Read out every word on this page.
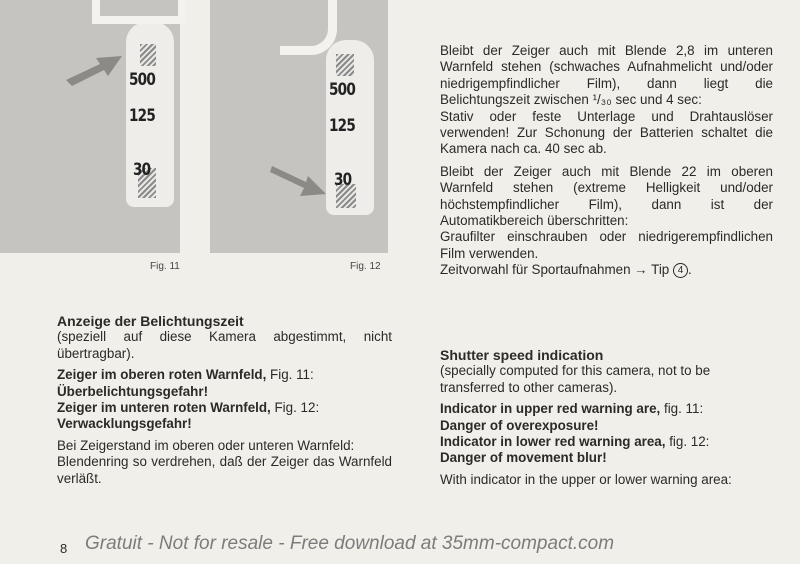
500
125
30
500
125
30
Fig. 11	Fig. 12

Anzeige der Belichtungszeit

(speziell auf diese Kamera abgestimmt, nicht übertragbar).

Zeiger im oberen roten Warnfeld, Fig. 11:

Überbelichtungsgefahr!

Zeiger im unteren roten Warnfeld, Fig. 12:

Verwacklungsgefahr!

Bei Zeigerstand im oberen oder unteren Warnfeld:

Blendenring so verdrehen, daß der Zeiger das Warnfeld verläßt.

Bleibt der Zeiger auch mit Blende 2,8 im unteren Warnfeld stehen (schwaches Aufnahmelicht und/oder niedrigempfindlicher Film), dann liegt die Belichtungszeit zwischen ¹/₃₀ sec und 4 sec:

Stativ oder feste Unterlage und Drahtauslöser verwenden! Zur Schonung der Batterien schaltet die Kamera nach ca. 40 sec ab.

Bleibt der Zeiger auch mit Blende 22 im oberen Warnfeld stehen (extreme Helligkeit und/oder höchstempfindlicher Film), dann ist der Automatikbereich überschritten:

Graufilter einschrauben oder niedrigerempfindlichen Film verwenden.

Zeitvorwahl für Sportaufnahmen → Tip 4 .

Shutter speed indication

(specially computed for this camera, not to be transferred to other cameras).

Indicator in upper red warning are, fig. 11:

Danger of overexposure!

Indicator in lower red warning area, fig. 12:

Danger of movement blur!

With indicator in the upper or lower warning area:

8 Gratuit - Not for resale - Free download at 35mm-compact.com
